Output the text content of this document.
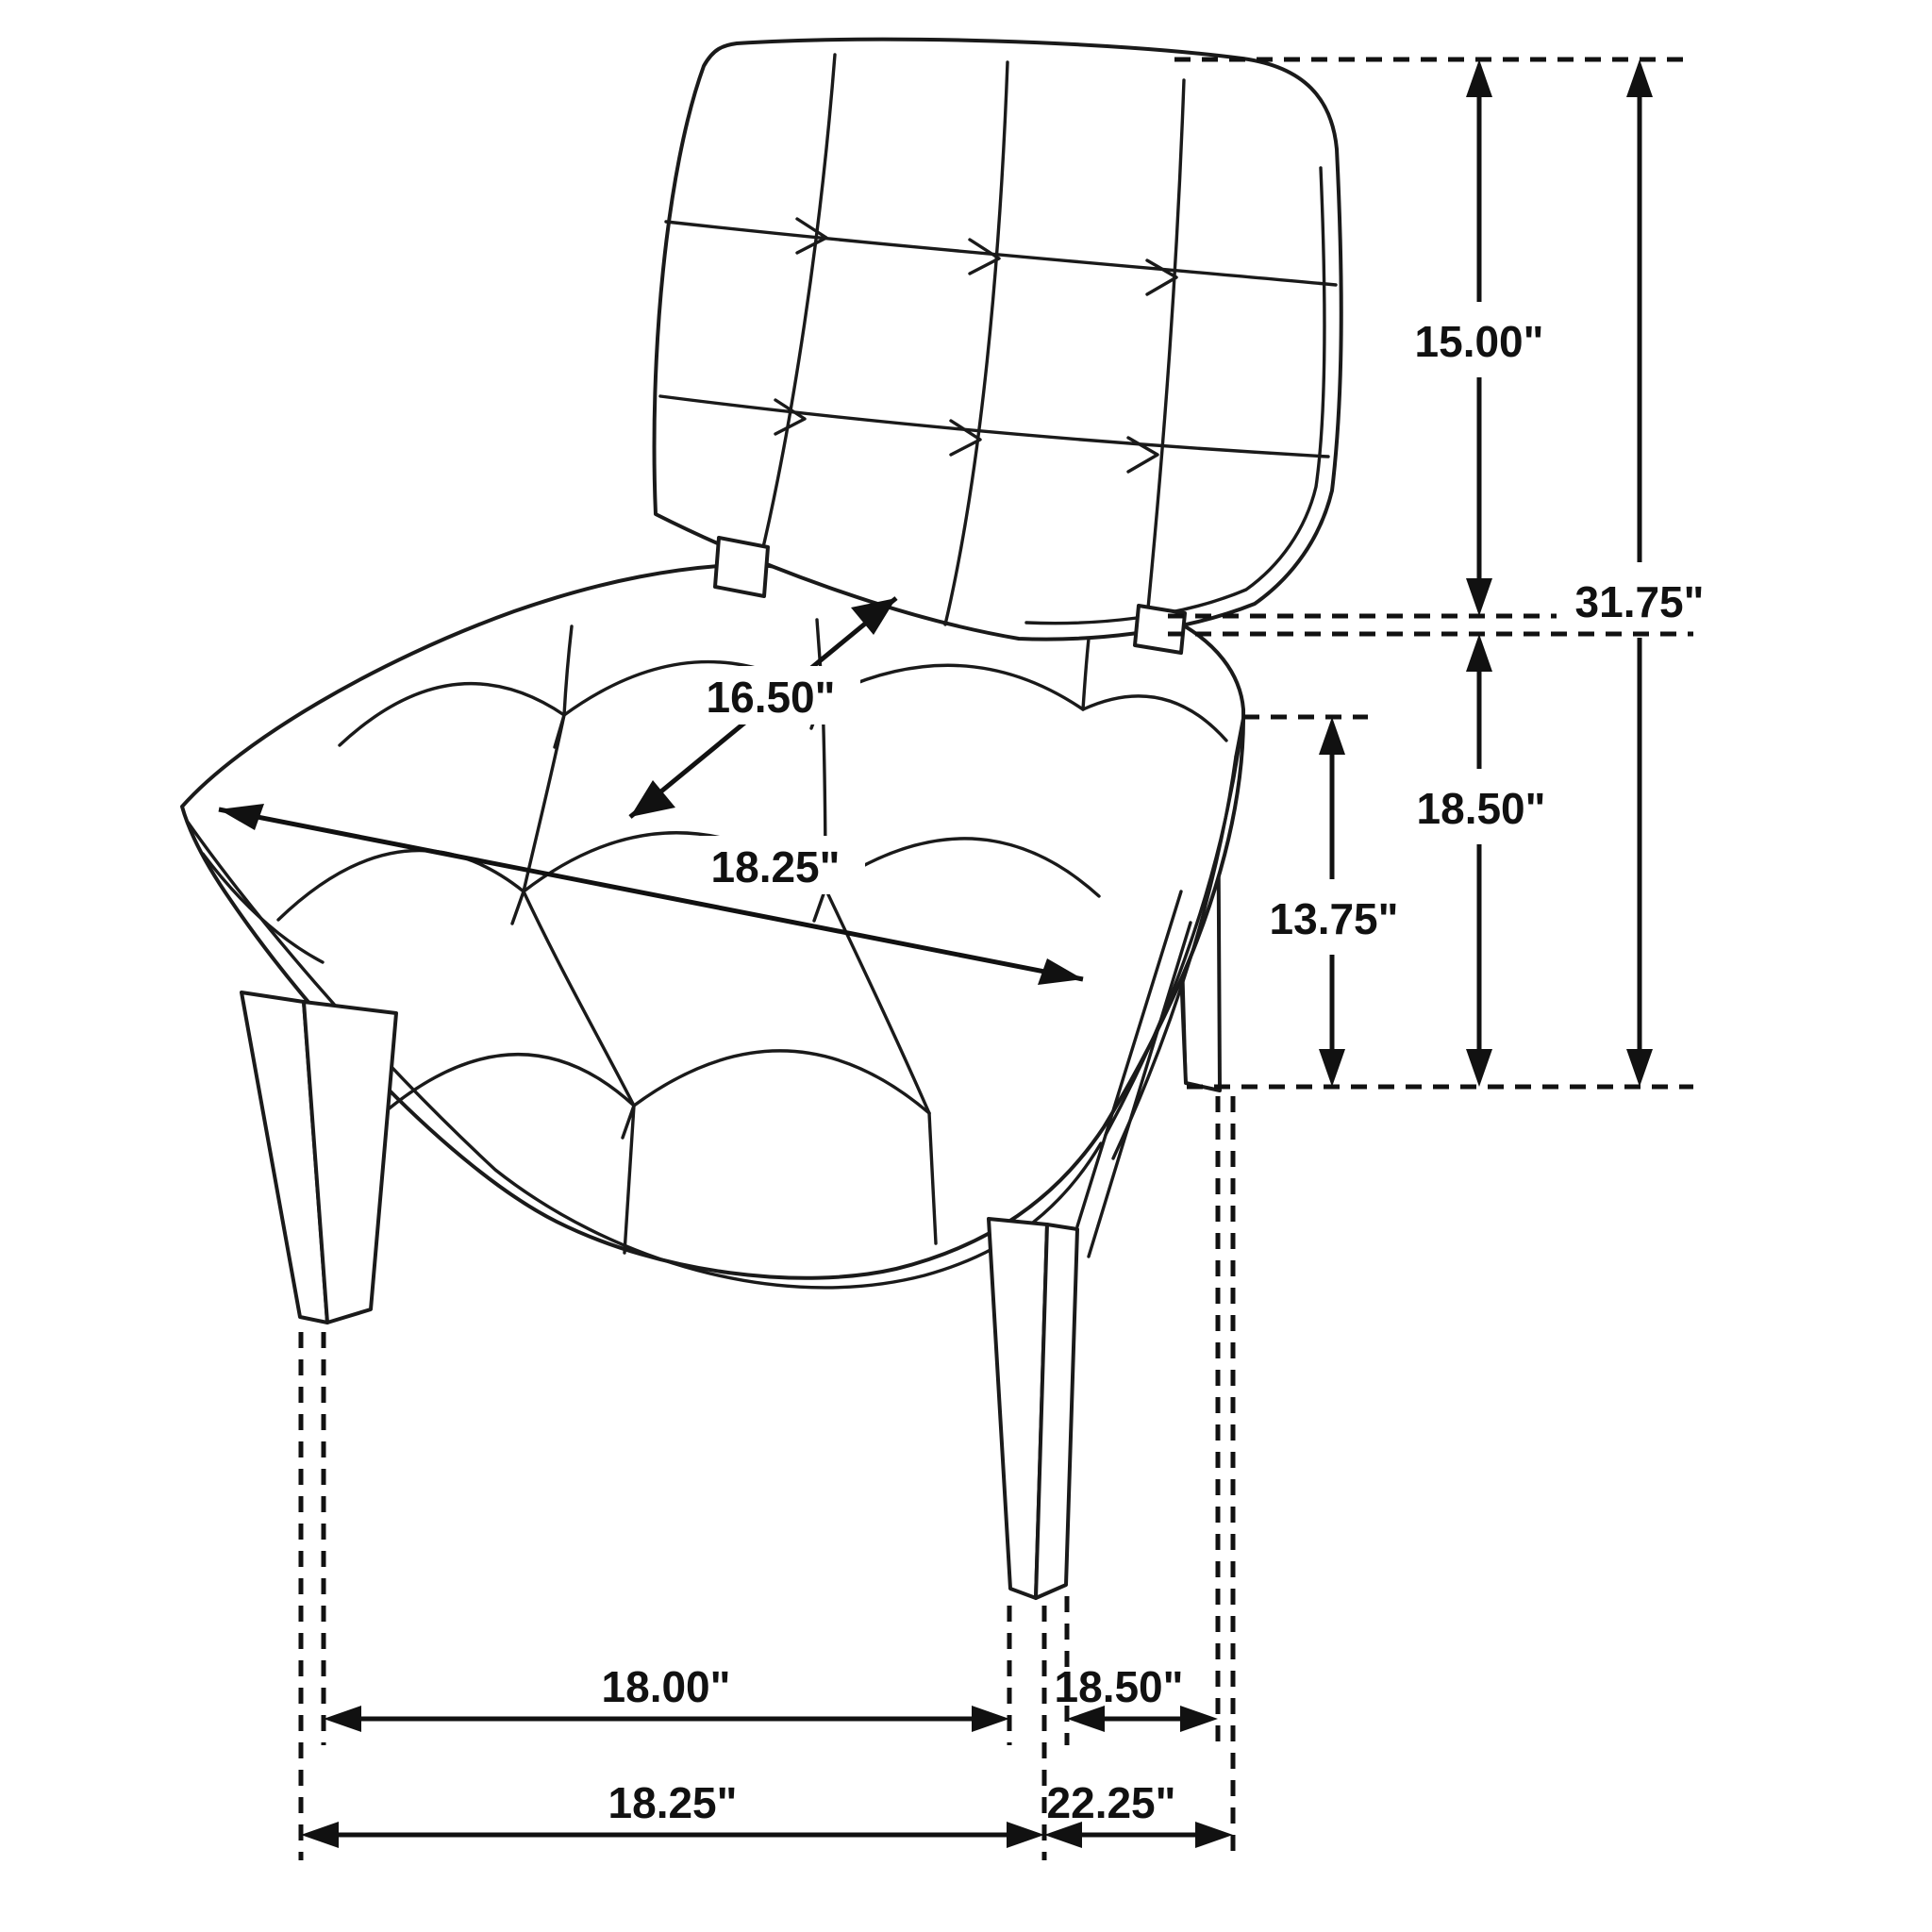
15.00"
31.75"
18.50"
13.75"
16.50"
18.25"
18.00"	18.50"
18.25"	22.25"
